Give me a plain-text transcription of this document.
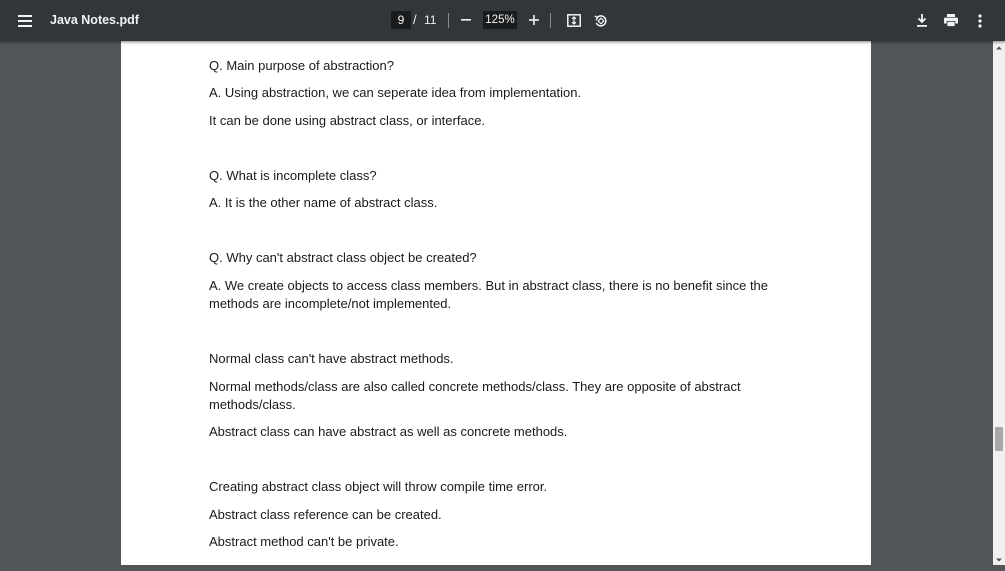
Java Notes.pdf	9 / 11	125%
Q. Main purpose of abstraction?
A. Using abstraction, we can seperate idea from implementation.
It can be done using abstract class, or interface.
Q. What is incomplete class?
A. It is the other name of abstract class.
Q. Why can't abstract class object be created?
A. We create objects to access class members. But in abstract class, there is no benefit since the methods are incomplete/not implemented.
Normal class can't have abstract methods.
Normal methods/class are also called concrete methods/class. They are opposite of abstract methods/class.
Abstract class can have abstract as well as concrete methods.
Creating abstract class object will throw compile time error.
Abstract class reference can be created.
Abstract method can't be private.
